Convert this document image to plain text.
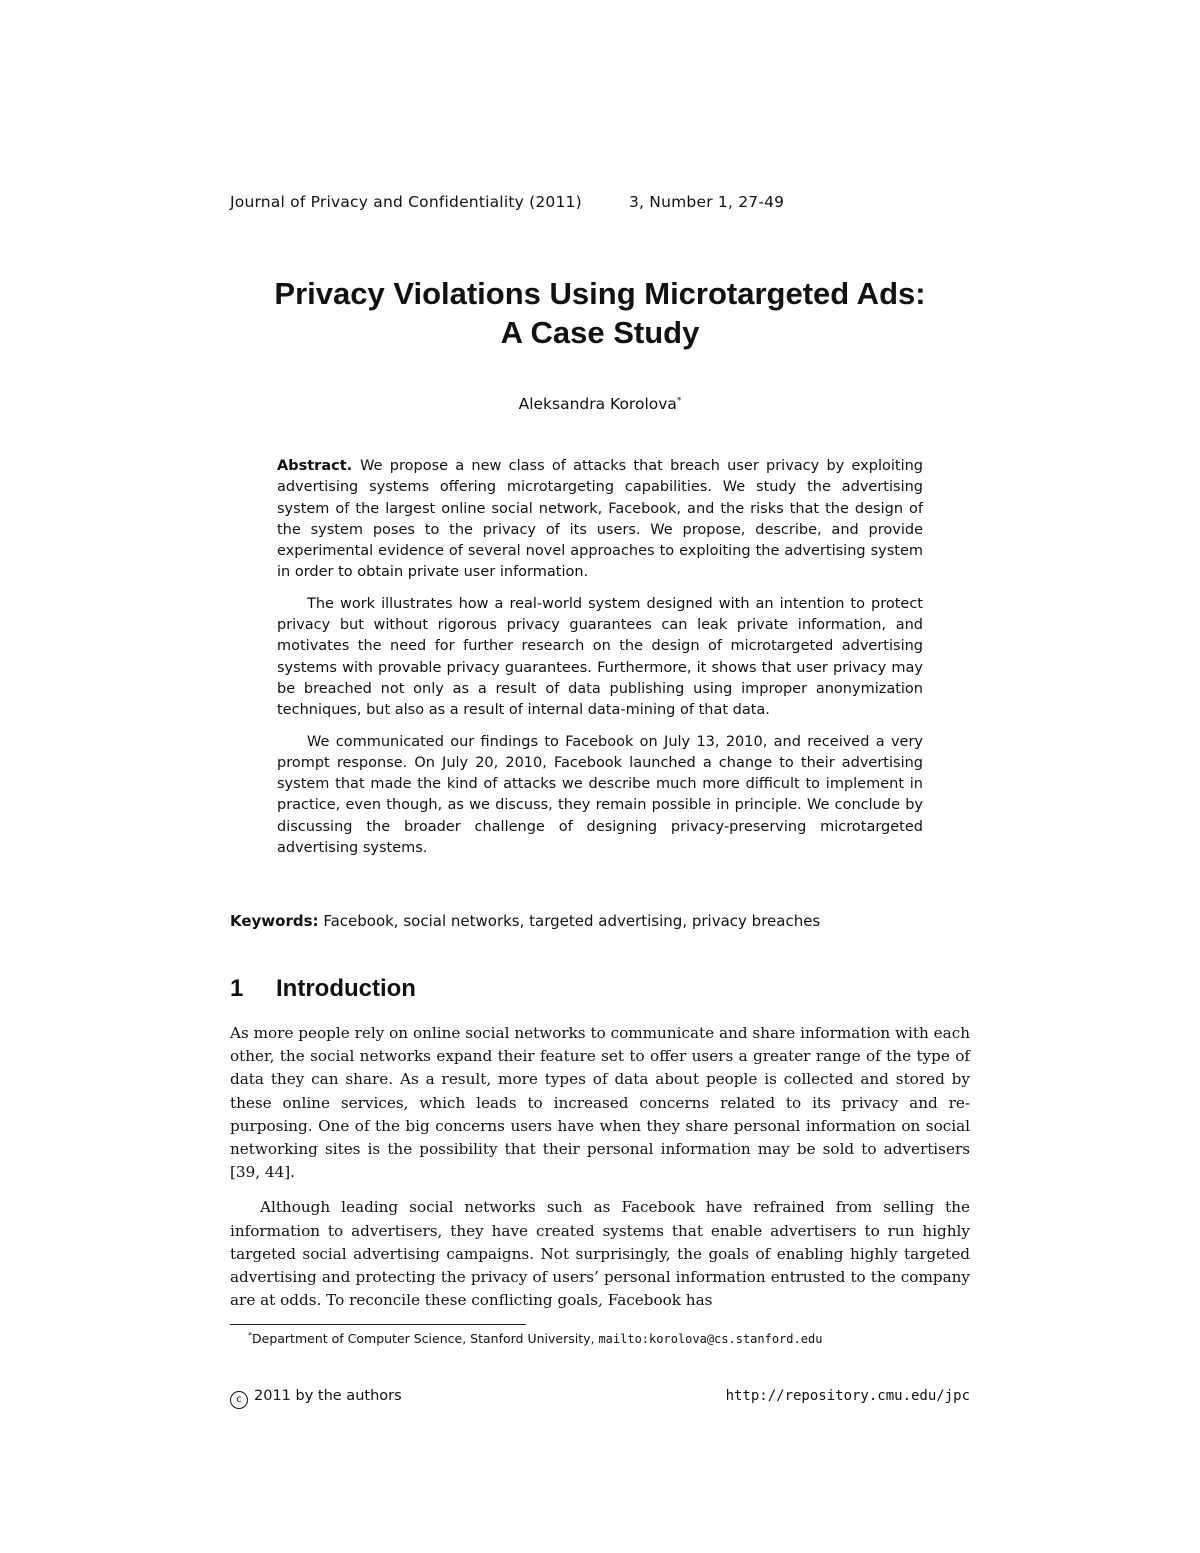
Journal of Privacy and Confidentiality (2011)	3, Number 1, 27-49
Privacy Violations Using Microtargeted Ads:
A Case Study
Aleksandra Korolova*

Abstract. We propose a new class of attacks that breach user privacy by exploiting advertising systems offering microtargeting capabilities. We study the advertising system of the largest online social network, Facebook, and the risks that the design of the system poses to the privacy of its users. We propose, describe, and provide experimental evidence of several novel approaches to exploiting the advertising system in order to obtain private user information.

The work illustrates how a real-world system designed with an intention to protect privacy but without rigorous privacy guarantees can leak private information, and motivates the need for further research on the design of microtargeted advertising systems with provable privacy guarantees. Furthermore, it shows that user privacy may be breached not only as a result of data publishing using improper anonymization techniques, but also as a result of internal data-mining of that data.

We communicated our findings to Facebook on July 13, 2010, and received a very prompt response. On July 20, 2010, Facebook launched a change to their advertising system that made the kind of attacks we describe much more difficult to implement in practice, even though, as we discuss, they remain possible in principle. We conclude by discussing the broader challenge of designing privacy-preserving microtargeted advertising systems.

Keywords: Facebook, social networks, targeted advertising, privacy breaches
1 Introduction

As more people rely on online social networks to communicate and share information with each other, the social networks expand their feature set to offer users a greater range of the type of data they can share. As a result, more types of data about people is collected and stored by these online services, which leads to increased concerns related to its privacy and re-purposing. One of the big concerns users have when they share personal information on social networking sites is the possibility that their personal information may be sold to advertisers [39, 44].

Although leading social networks such as Facebook have refrained from selling the information to advertisers, they have created systems that enable advertisers to run highly targeted social advertising campaigns. Not surprisingly, the goals of enabling highly targeted advertising and protecting the privacy of users’ personal information entrusted to the company are at odds. To reconcile these conflicting goals, Facebook has

*Department of Computer Science, Stanford University, mailto:korolova@cs.stanford.edu
c 2011 by the authors	http://repository.cmu.edu/jpc
